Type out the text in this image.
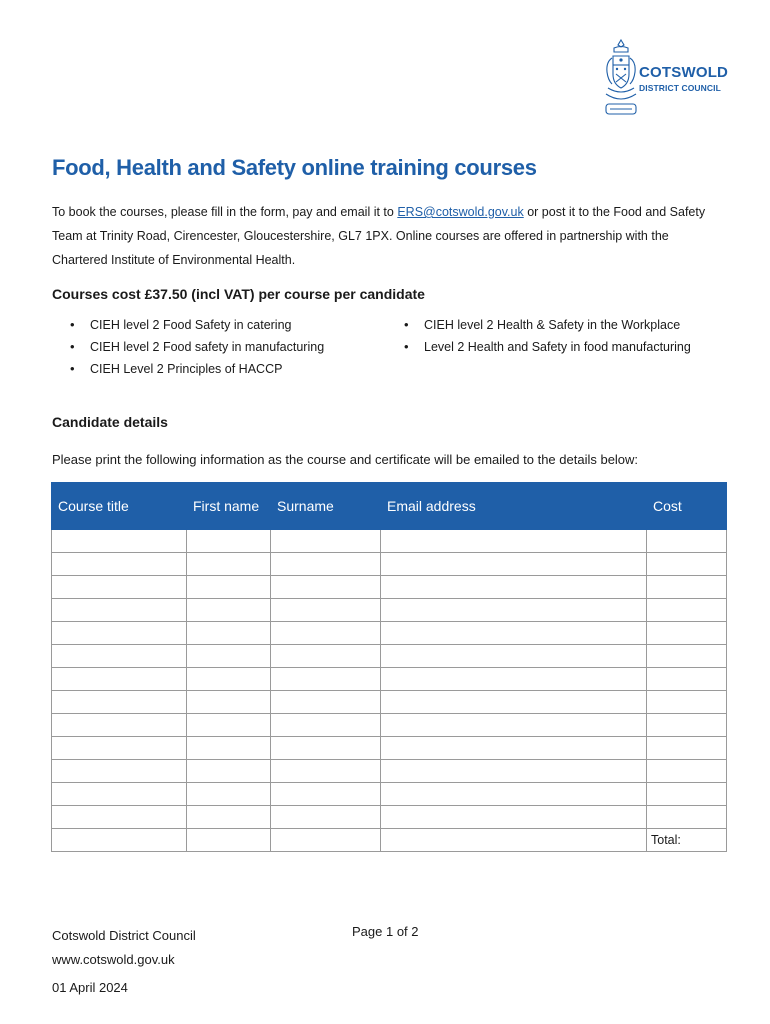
COTSWOLD
DISTRICT COUNCIL
Food, Health and Safety online training courses
To book the courses, please fill in the form, pay and email it to ERS@cotswold.gov.uk or post it to the Food and Safety Team at Trinity Road, Cirencester, Gloucestershire, GL7 1PX. Online courses are offered in partnership with the Chartered Institute of Environmental Health.
Courses cost £37.50 (incl VAT) per course per candidate
• CIEH level 2 Food Safety in catering
• CIEH level 2 Food safety in manufacturing
• CIEH Level 2 Principles of HACCP
• CIEH level 2 Health & Safety in the Workplace
• Level 2 Health and Safety in food manufacturing
Candidate details
Please print the following information as the course and certificate will be emailed to the details below:
Course title	First name	Surname	Email address	Cost

				Total:
Cotswold District Council
www.cotswold.gov.uk
01 April 2024
Page 1 of 2
